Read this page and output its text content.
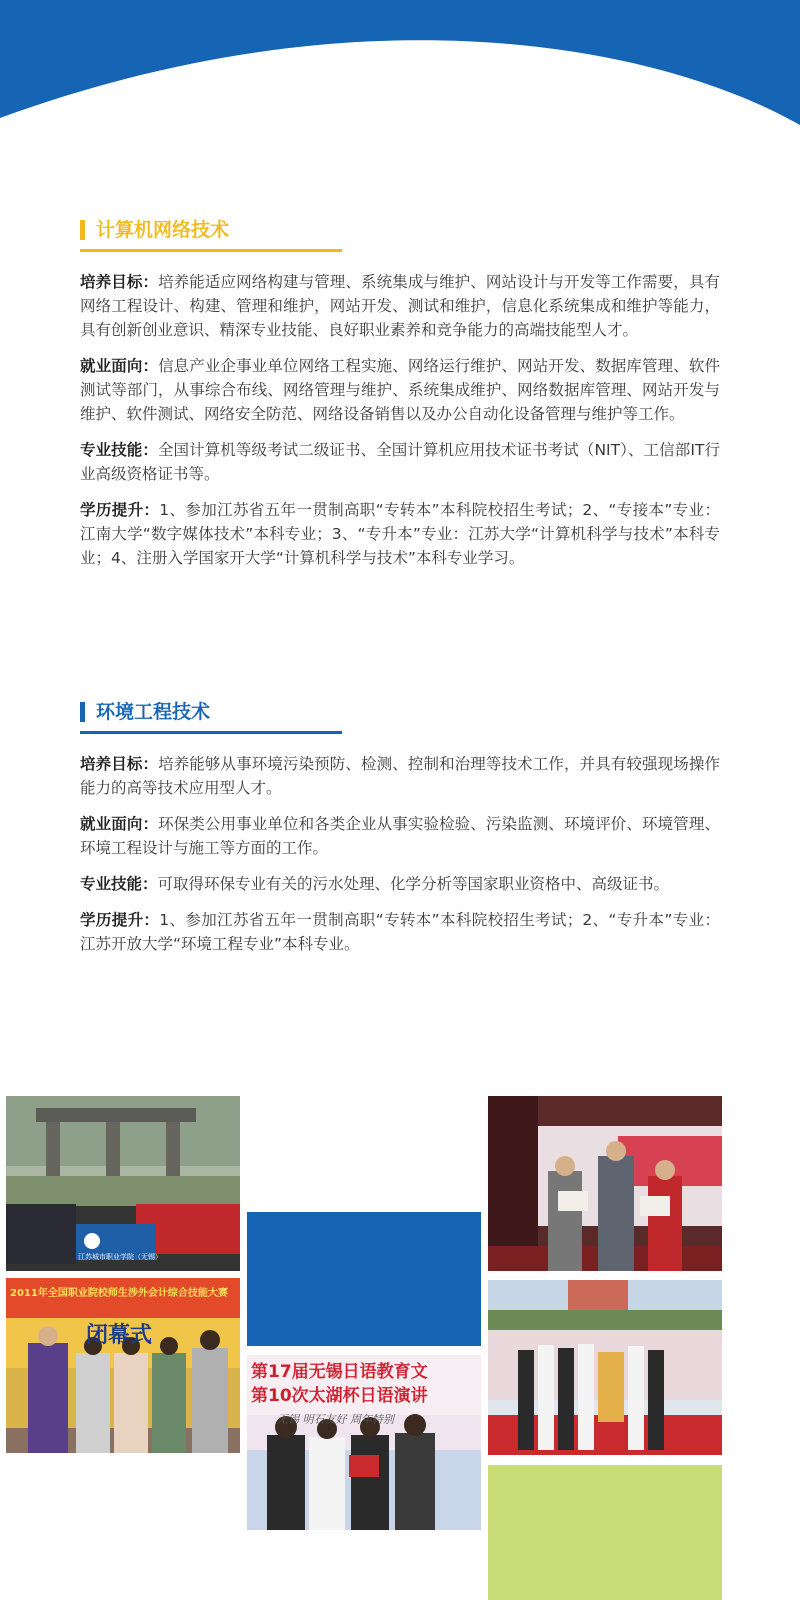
计算机网络技术

培养目标：培养能适应网络构建与管理、系统集成与维护、网站设计与开发等工作需要，具有网络工程设计、构建、管理和维护，网站开发、测试和维护，信息化系统集成和维护等能力，具有创新创业意识、精深专业技能、良好职业素养和竞争能力的高端技能型人才。

就业面向：信息产业企事业单位网络工程实施、网络运行维护、网站开发、数据库管理、软件测试等部门，从事综合布线、网络管理与维护、系统集成维护、网络数据库管理、网站开发与维护、软件测试、网络安全防范、网络设备销售以及办公自动化设备管理与维护等工作。

专业技能：全国计算机等级考试二级证书、全国计算机应用技术证书考试（NIT）、工信部IT行业高级资格证书等。

学历提升：1、参加江苏省五年一贯制高职“专转本”本科院校招生考试；2、“专接本”专业：江南大学“数字媒体技术”本科专业；3、“专升本”专业：江苏大学“计算机科学与技术”本科专业；4、注册入学国家开大学“计算机科学与技术”本科专业学习。

环境工程技术

培养目标：培养能够从事环境污染预防、检测、控制和治理等技术工作，并具有较强现场操作能力的高等技术应用型人才。

就业面向：环保类公用事业单位和各类企业从事实验检验、污染监测、环境评价、环境管理、环境工程设计与施工等方面的工作。

专业技能：可取得环保专业有关的污水处理、化学分析等国家职业资格中、高级证书。

学历提升：1、参加江苏省五年一贯制高职“专转本”本科院校招生考试；2、“专升本”专业：江苏开放大学“环境工程专业”本科专业。

江苏城市职业学院（无锡）
2011年全国职业院校师生涉外会计综合技能大赛
闭幕式
第17届无锡日语教育文
第10次太湖杯日语演讲
无锡 明石友好 周年特别
